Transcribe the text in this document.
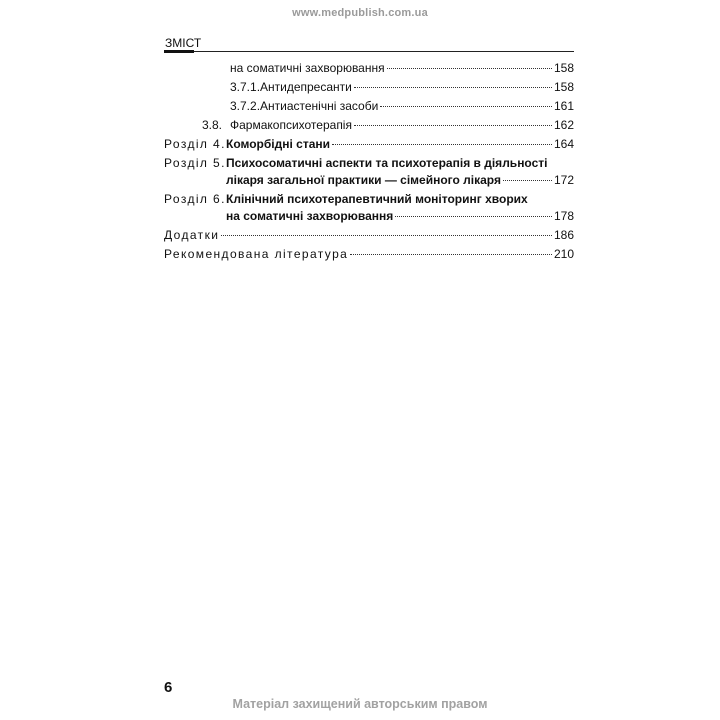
www.medpublish.com.ua
ЗМІСТ
на соматичні захворювання	158
3.7.1. Антидепресанти	158
3.7.2. Антиастенічні засоби	161
3.8. Фармакопсихотерапія	162
Розділ 4. Коморбідні стани	164
Розділ 5. Психосоматичні аспекти та психотерапія в діяльності
лікаря загальної практики — сімейного лікаря	172
Розділ 6. Клінічний психотерапевтичний моніторинг хворих
на соматичні захворювання	178
Додатки	186
Рекомендована література	210
6
Матеріал захищений авторським правом
